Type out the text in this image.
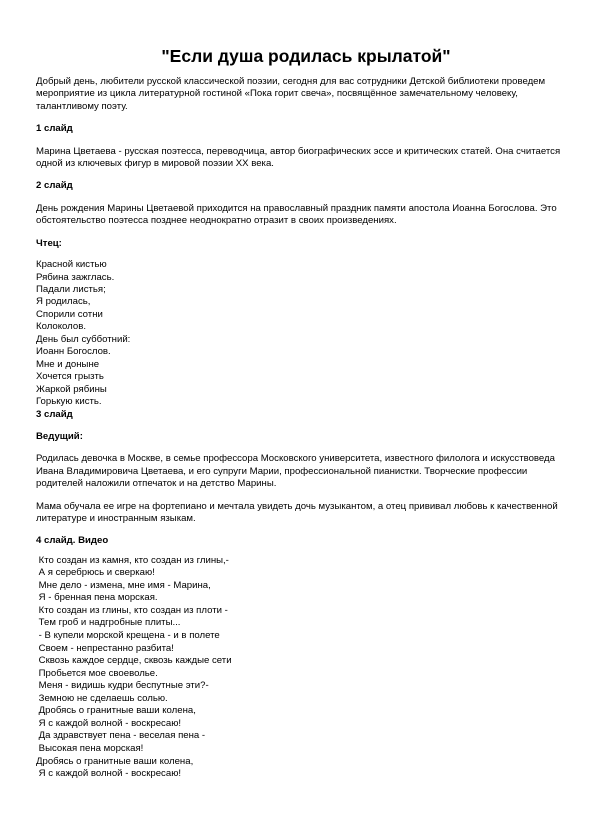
"Если душа родилась крылатой"

Добрый день, любители русской классической поэзии, сегодня для вас сотрудники Детской библиотеки проведем мероприятие из цикла литературной гостиной «Пока горит свеча», посвящённое замечательному человеку, талантливому поэту.

1 слайд

Марина Цветаева - русская поэтесса, переводчица, автор биографических эссе и критических статей. Она считается одной из ключевых фигур в мировой поэзии XX века.

2 слайд

День рождения Марины Цветаевой приходится на православный праздник памяти апостола Иоанна Богослова. Это обстоятельство поэтесса позднее неоднократно отразит в своих произведениях.

Чтец:

Красной кистью
Рябина зажглась.
Падали листья;
Я родилась,
Спорили сотни
Колоколов.
День был субботний:
Иоанн Богослов.
Мне и доныне
Хочется грызть
Жаркой рябины
Горькую кисть.

3 слайд

Ведущий:

Родилась девочка в Москве, в семье профессора Московского университета, известного филолога и искусствоведа Ивана Владимировича Цветаева, и его супруги Марии, профессиональной пианистки. Творческие профессии родителей наложили отпечаток и на детство Марины.

Мама обучала ее игре на фортепиано и мечтала увидеть дочь музыкантом, а отец прививал любовь к качественной литературе и иностранным языкам.

4 слайд. Видео

Кто создан из камня, кто создан из глины,-
А я серебрюсь и сверкаю!
Мне дело - измена, мне имя - Марина,
Я - бренная пена морская.
Кто создан из глины, кто создан из плоти -
Тем гроб и надгробные плиты...
- В купели морской крещена - и в полете
Своем - непрестанно разбита!
Сквозь каждое сердце, сквозь каждые сети
Пробьется мое своеволье.
Меня - видишь кудри беспутные эти?-
Земною не сделаешь солью.
Дробясь о гранитные ваши колена,
Я с каждой волной - воскресаю!
Да здравствует пена - веселая пена -
Высокая пена морская!
Дробясь о гранитные ваши колена,
Я с каждой волной - воскресаю!
